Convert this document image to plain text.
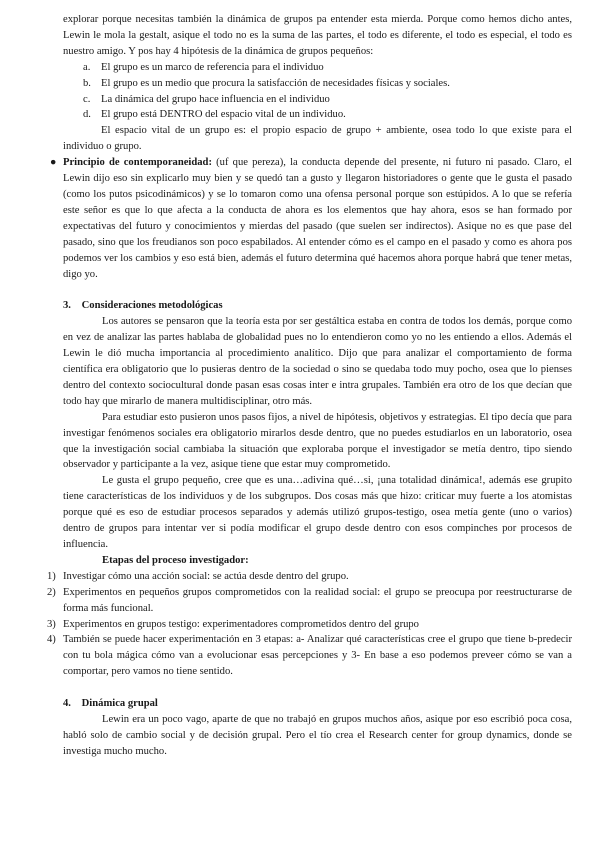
explorar porque necesitas también la dinámica de grupos pa entender esta mierda. Porque como hemos dicho antes, Lewin le mola la gestalt, asique el todo no es la suma de las partes, el todo es diferente, el todo es especial, el todo es nuestro amigo. Y pos hay 4 hipótesis de la dinámica de grupos pequeños:

a. El grupo es un marco de referencia para el individuo
b. El grupo es un medio que procura la satisfacción de necesidades físicas y sociales.
c. La dinámica del grupo hace influencia en el individuo
d. El grupo está DENTRO del espacio vital de un individuo.

El espacio vital de un grupo es: el propio espacio de grupo + ambiente, osea todo lo que existe para el individuo o grupo.

● Principio de contemporaneidad: (uf que pereza), la conducta depende del presente, ni futuro ni pasado. Claro, el Lewin dijo eso sin explicarlo muy bien y se quedó tan a gusto y llegaron historiadores o gente que le gusta el pasado (como los putos psicodinámicos) y se lo tomaron como una ofensa personal porque son estúpidos. A lo que se refería este señor es que lo que afecta a la conducta de ahora es los elementos que hay ahora, esos se han formado por expectativas del futuro y conocimientos y mierdas del pasado (que suelen ser indirectos). Asique no es que pase del pasado, sino que los freudianos son poco espabilados. Al entender cómo es el campo en el pasado y como es ahora pos podemos ver los cambios y eso está bien, además el futuro determina qué hacemos ahora porque habrá que tener metas, digo yo.

3. Consideraciones metodológicas

Los autores se pensaron que la teoría esta por ser gestáltica estaba en contra de todos los demás, porque como en vez de analizar las partes hablaba de globalidad pues no lo entendieron como yo no les entiendo a ellos. Además el Lewin le dió mucha importancia al procedimiento analítico. Dijo que para analizar el comportamiento de forma científica era obligatorio que lo pusieras dentro de la sociedad o sino se quedaba todo muy pocho, osea que lo pienses dentro del contexto sociocultural donde pasan esas cosas inter e intra grupales. También era otro de los que decían que todo hay que mirarlo de manera multidisciplinar, otro más.

Para estudiar esto pusieron unos pasos fijos, a nivel de hipótesis, objetivos y estrategias. El tipo decía que para investigar fenómenos sociales era obligatorio mirarlos desde dentro, que no puedes estudiarlos en un laboratorio, osea que la investigación social cambiaba la situación que exploraba porque el investigador se metía dentro, tipo siendo observador y participante a la vez, asique tiene que estar muy comprometido.

Le gusta el grupo pequeño, cree que es una…adivina qué…si, ¡una totalidad dinámica!, además ese grupito tiene características de los individuos y de los subgrupos. Dos cosas más que hizo: criticar muy fuerte a los atomistas porque qué es eso de estudiar procesos separados y además utilizó grupos-testigo, osea metía gente (uno o varios) dentro de grupos para intentar ver si podía modificar el grupo desde dentro con esos compinches por procesos de influencia.

Etapas del proceso investigador:

1) Investigar cómo una acción social: se actúa desde dentro del grupo.
2) Experimentos en pequeños grupos comprometidos con la realidad social: el grupo se preocupa por reestructurarse de forma más funcional.
3) Experimentos en grupos testigo: experimentadores comprometidos dentro del grupo
4) También se puede hacer experimentación en 3 etapas: a- Analizar qué características cree el grupo que tiene b-predecir con tu bola mágica cómo van a evolucionar esas percepciones y 3- En base a eso podemos preveer cómo se van a comportar, pero vamos no tiene sentido.
4. Dinámica grupal

Lewin era un poco vago, aparte de que no trabajó en grupos muchos años, asique por eso escribió poca cosa, habló solo de cambio social y de decisión grupal. Pero el tío crea el Research center for group dynamics, donde se investiga mucho mucho.
